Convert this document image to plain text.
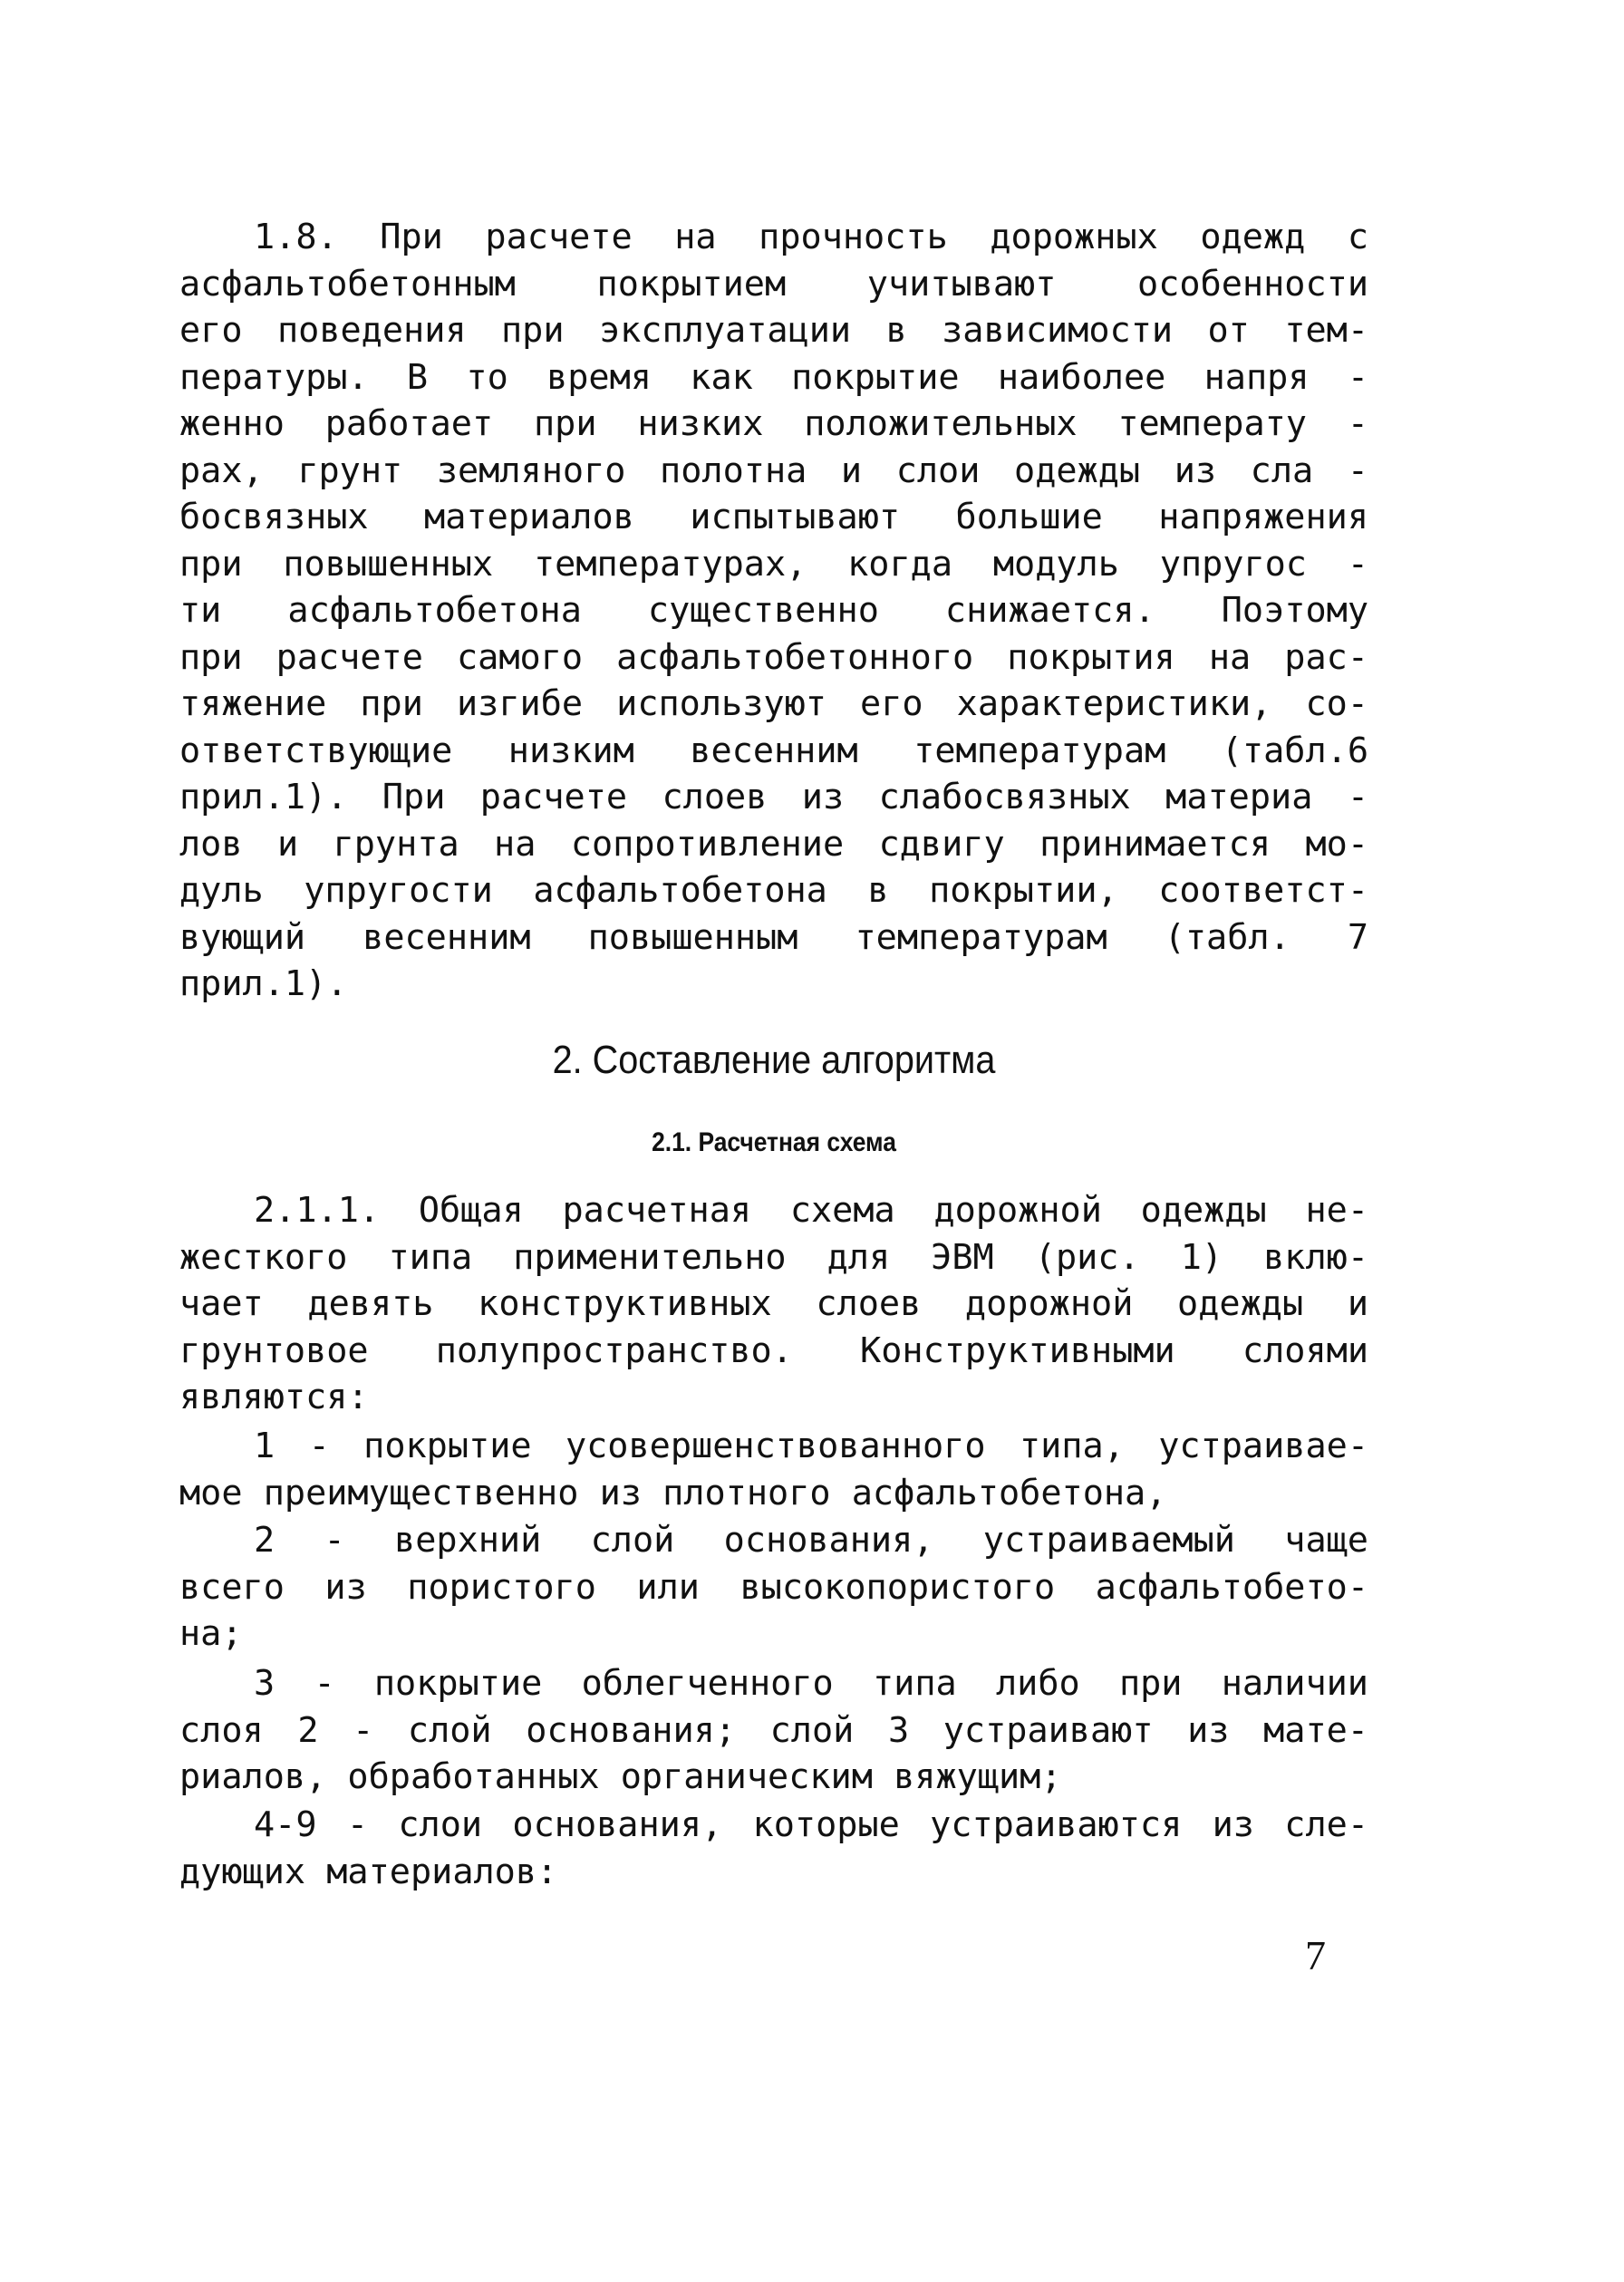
1.8. При расчете на прочность дорожных одежд с
асфальтобетонным покрытием учитывают особенности
его поведения при эксплуатации в зависимости от тем-
пературы. В то время как покрытие наиболее напря -
женно работает при низких положительных температу -
рах, грунт земляного полотна и слои одежды из сла -
босвязных материалов испытывают большие напряжения
при повышенных температурах, когда модуль упругос -
ти асфальтобетона существенно снижается. Поэтому
при расчете самого асфальтобетонного покрытия на рас-
тяжение при изгибе используют его характеристики, со-
ответствующие низким весенним температурам (табл.6
прил.1). При расчете слоев из слабосвязных материа -
лов и грунта на сопротивление сдвигу принимается мо-
дуль упругости асфальтобетона в покрытии, соответст-
вующий весенним повышенным температурам (табл. 7
прил.1).
2. Составление алгоритма
2.1. Расчетная схема
2.1.1. Общая расчетная схема дорожной одежды не-
жесткого типа применительно для ЭВМ (рис. 1) вклю-
чает девять конструктивных слоев дорожной одежды и
грунтовое полупространство. Конструктивными слоями
являются:
1 - покрытие усовершенствованного типа, устраивае-
мое преимущественно из плотного асфальтобетона,
2 - верхний слой основания, устраиваемый чаще
всего из пористого или высокопористого асфальтобето-
на;
3 - покрытие облегченного типа либо при наличии
слоя 2 - слой основания; слой 3 устраивают из мате-
риалов, обработанных органическим вяжущим;
4-9 - слои основания, которые устраиваются из сле-
дующих материалов:
7
